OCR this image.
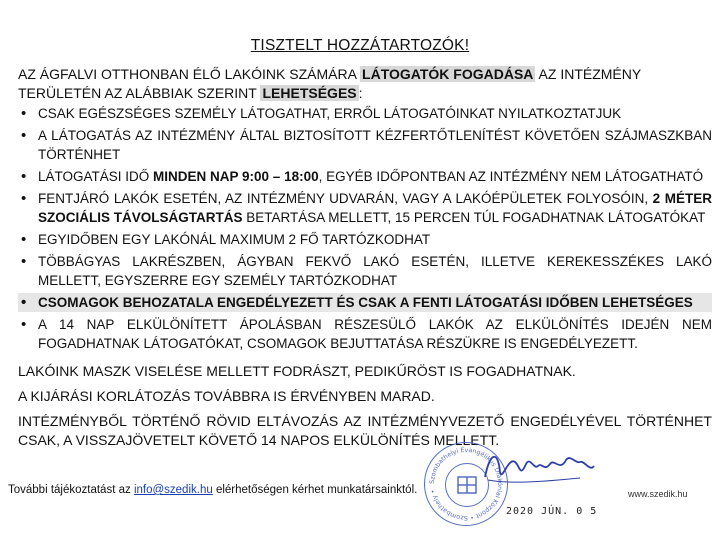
TISZTELT HOZZÁTARTOZÓK!
AZ ÁGFALVI OTTHONBAN ÉLŐ LAKÓINK SZÁMÁRA LÁTOGATÓK FOGADÁSA AZ INTÉZMÉNY TERÜLETÉN AZ ALÁBBIAK SZERINT LEHETSÉGES :
• CSAK EGÉSZSÉGES SZEMÉLY LÁTOGATHAT, ERRŐL LÁTOGATÓINKAT NYILATKOZTATJUK
• A LÁTOGATÁS AZ INTÉZMÉNY ÁLTAL BIZTOSÍTOTT KÉZFERTŐTLENÍTÉST KÖVETŐEN SZÁJMASZKBAN TÖRTÉNHET
• LÁTOGATÁSI IDŐ MINDEN NAP 9:00 – 18:00, EGYÉB IDŐPONTBAN AZ INTÉZMÉNY NEM LÁTOGATHATÓ
• FENTJÁRÓ LAKÓK ESETÉN, AZ INTÉZMÉNY UDVARÁN, VAGY A LAKÓÉPÜLETEK FOLYOSÓIN, 2 MÉTER SZOCIÁLIS TÁVOLSÁGTARTÁS BETARTÁSA MELLETT, 15 PERCEN TÚL FOGADHATNAK LÁTOGATÓKAT
• EGYIDŐBEN EGY LAKÓNÁL MAXIMUM 2 FŐ TARTÓZKODHAT
• TÖBBÁGYAS LAKRÉSZBEN, ÁGYBAN FEKVŐ LAKÓ ESETÉN, ILLETVE KEREKESSZÉKES LAKÓ MELLETT, EGYSZERRE EGY SZEMÉLY TARTÓZKODHAT
• CSOMAGOK BEHOZATALA ENGEDÉLYEZETT ÉS CSAK A FENTI LÁTOGATÁSI IDŐBEN LEHETSÉGES
• A 14 NAP ELKÜLÖNÍTETT ÁPOLÁSBAN RÉSZESÜLŐ LAKÓK AZ ELKÜLÖNÍTÉS IDEJÉN NEM FOGADHATNAK LÁTOGATÓKAT, CSOMAGOK BEJUTTATÁSA RÉSZÜKRE IS ENGEDÉLYEZETT.
LAKÓINK MASZK VISELÉSE MELLETT FODRÁSZT, PEDIKŰRÖST IS FOGADHATNAK.
A KIJÁRÁSI KORLÁTOZÁS TOVÁBBRA IS ÉRVÉNYBEN MARAD.
INTÉZMÉNYBŐL TÖRTÉNŐ RÖVID ELTÁVOZÁS AZ INTÉZMÉNYVEZETŐ ENGEDÉLYÉVEL TÖRTÉNHET CSAK, A VISSZAJÖVETELT KÖVETŐ 14 NAPOS ELKÜLÖNÍTÉS MELLETT.
További tájékoztatást az info@szedik.hu elérhetőségen kérhet munkatársainktól.
Szombathelyi Evangélikus Diakóniai Központ • Szombathely •
2020 JÚN. 0 5
www.szedik.hu
